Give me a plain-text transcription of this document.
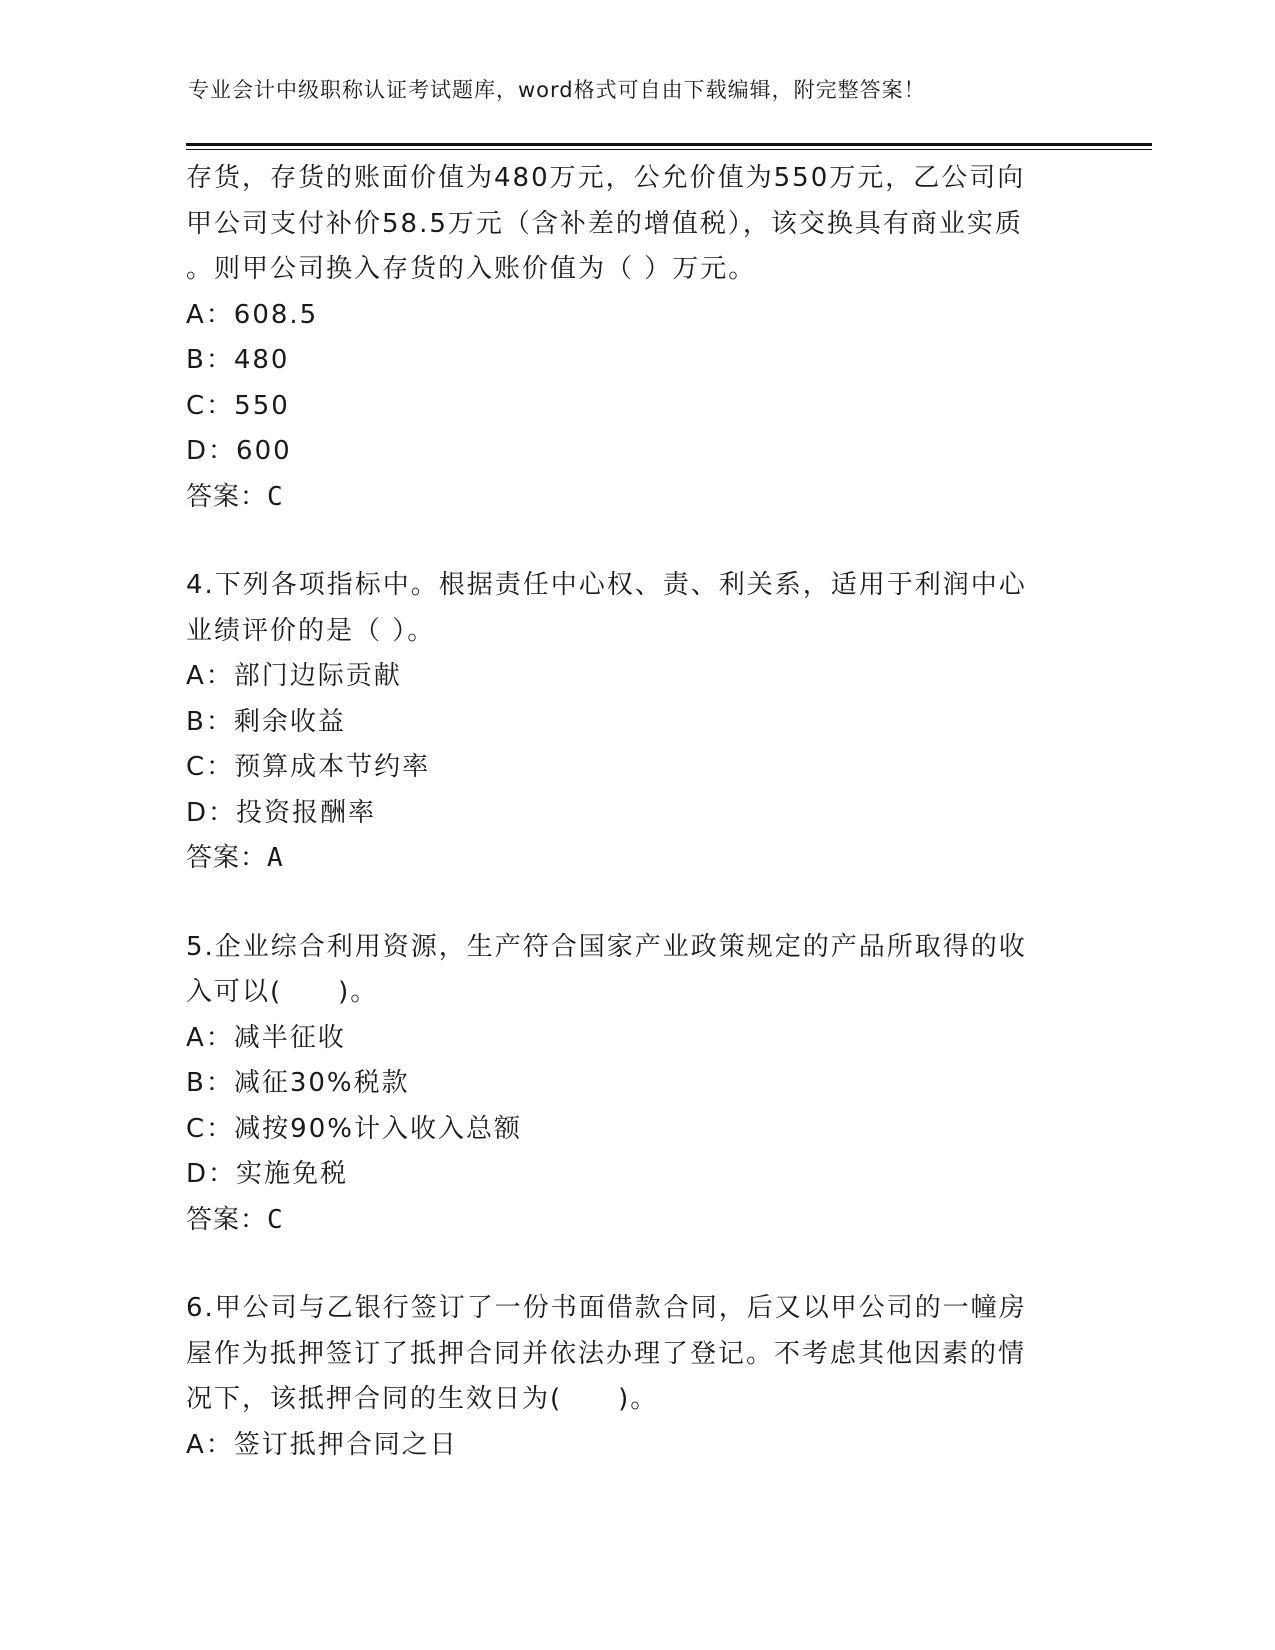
专业会计中级职称认证考试题库，word格式可自由下载编辑，附完整答案！
存货，存货的账面价值为480万元，公允价值为550万元，乙公司向
甲公司支付补价58.5万元（含补差的增值税），该交换具有商业实质
。则甲公司换入存货的入账价值为（ ）万元。
A：608.5
B：480
C：550
D：600
答案：C
4.下列各项指标中。根据责任中心权、责、利关系，适用于利润中心
业绩评价的是（ ）。
A：部门边际贡献
B：剩余收益
C：预算成本节约率
D：投资报酬率
答案：A
5.企业综合利用资源，生产符合国家产业政策规定的产品所取得的收
入可以(　　)。
A：减半征收
B：减征30%税款
C：减按90%计入收入总额
D：实施免税
答案：C
6.甲公司与乙银行签订了一份书面借款合同，后又以甲公司的一幢房
屋作为抵押签订了抵押合同并依法办理了登记。不考虑其他因素的情
况下，该抵押合同的生效日为(　　)。
A：签订抵押合同之日
